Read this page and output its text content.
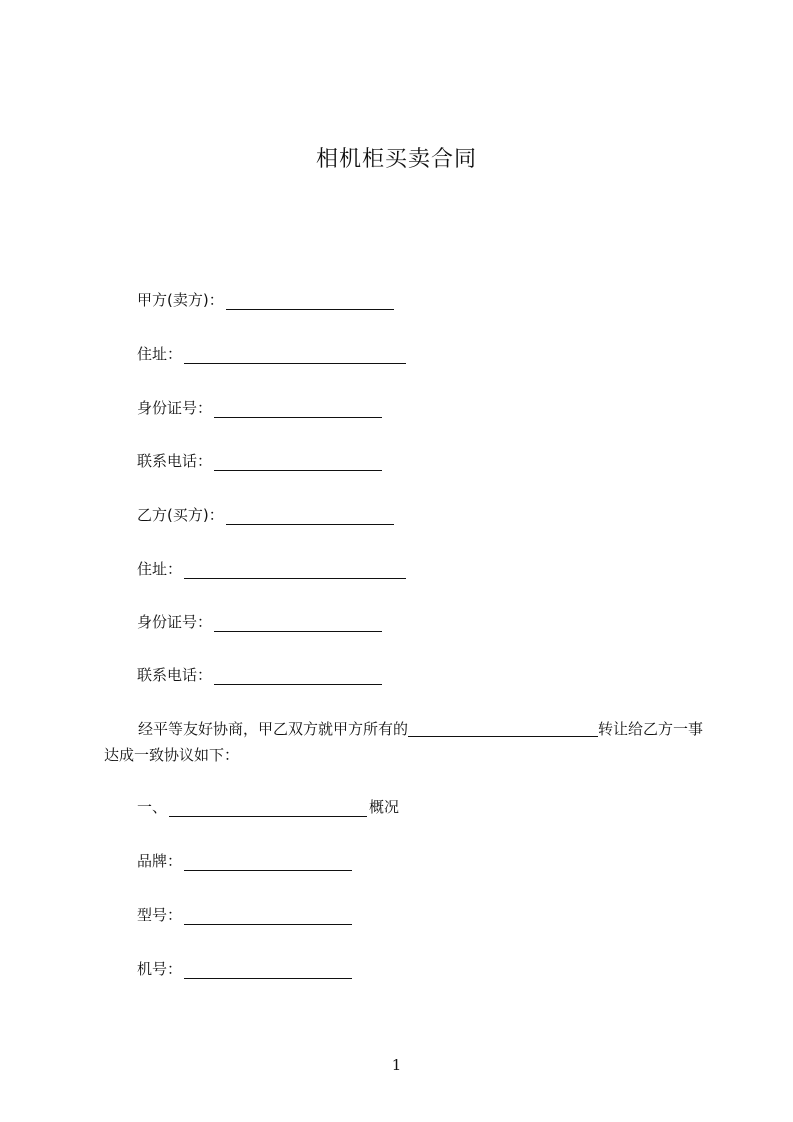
相机柜买卖合同
甲方(卖方)：
住址：
身份证号：
联系电话：
乙方(买方)：
住址：
身份证号：
联系电话：
经平等友好协商，甲乙双方就甲方所有的	转让给乙方一事达成一致协议如下：
一、	概况
品牌：
型号：
机号：
1
